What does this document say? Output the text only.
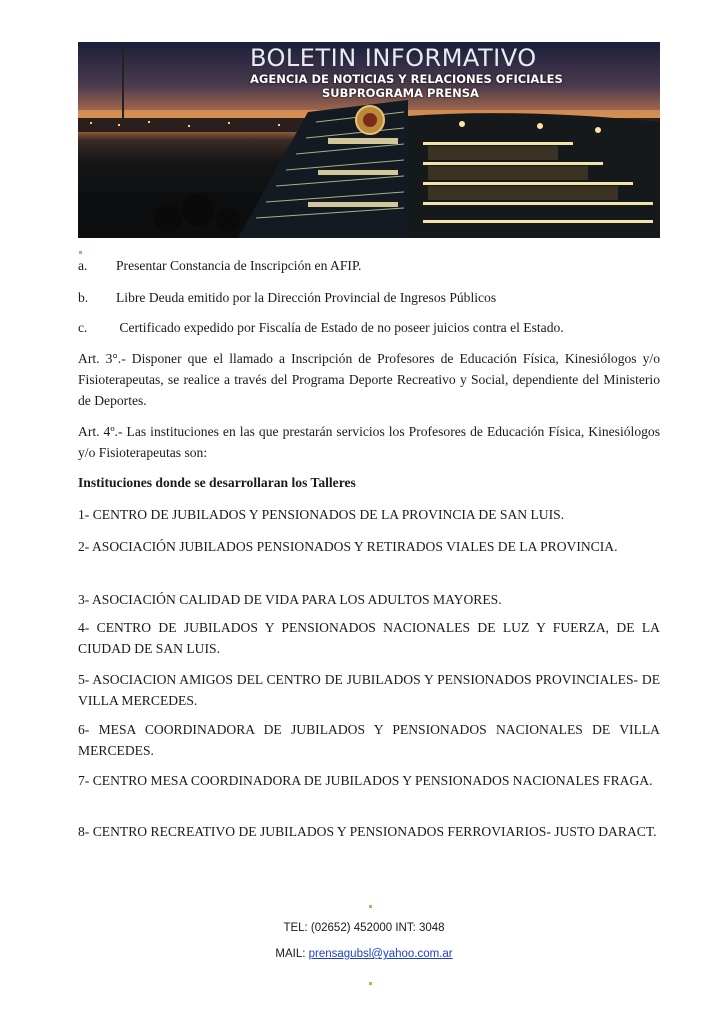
BOLETIN INFORMATIVO
AGENCIA DE NOTICIAS Y RELACIONES OFICIALES
SUBPROGRAMA PRENSA
a. Presentar Constancia de Inscripción en AFIP.
b. Libre Deuda emitido por la Dirección Provincial de Ingresos Públicos
c. Certificado expedido por Fiscalía de Estado de no poseer juicios contra el Estado.
Art. 3°.- Disponer que el llamado a Inscripción de Profesores de Educación Física, Kinesiólogos y/o Fisioterapeutas, se realice a través del Programa Deporte Recreativo y Social, dependiente del Ministerio de Deportes.
Art. 4º.- Las instituciones en las que prestarán servicios los Profesores de Educación Física, Kinesiólogos y/o Fisioterapeutas son:
Instituciones donde se desarrollaran los Talleres
1- CENTRO DE JUBILADOS Y PENSIONADOS DE LA PROVINCIA DE SAN LUIS.
2- ASOCIACIÓN JUBILADOS PENSIONADOS Y RETIRADOS VIALES DE LA PROVINCIA.
3- ASOCIACIÓN CALIDAD DE VIDA PARA LOS ADULTOS MAYORES.
4- CENTRO DE JUBILADOS Y PENSIONADOS NACIONALES DE LUZ Y FUERZA, DE LA CIUDAD DE SAN LUIS.
5- ASOCIACION AMIGOS DEL CENTRO DE JUBILADOS Y PENSIONADOS PROVINCIALES- DE VILLA MERCEDES.
6- MESA COORDINADORA DE JUBILADOS Y PENSIONADOS NACIONALES DE VILLA MERCEDES.
7- CENTRO MESA COORDINADORA DE JUBILADOS Y PENSIONADOS NACIONALES FRAGA.
8- CENTRO RECREATIVO DE JUBILADOS Y PENSIONADOS FERROVIARIOS- JUSTO DARACT.
TEL: (02652) 452000 INT: 3048
MAIL: prensagubsl@yahoo.com.ar
